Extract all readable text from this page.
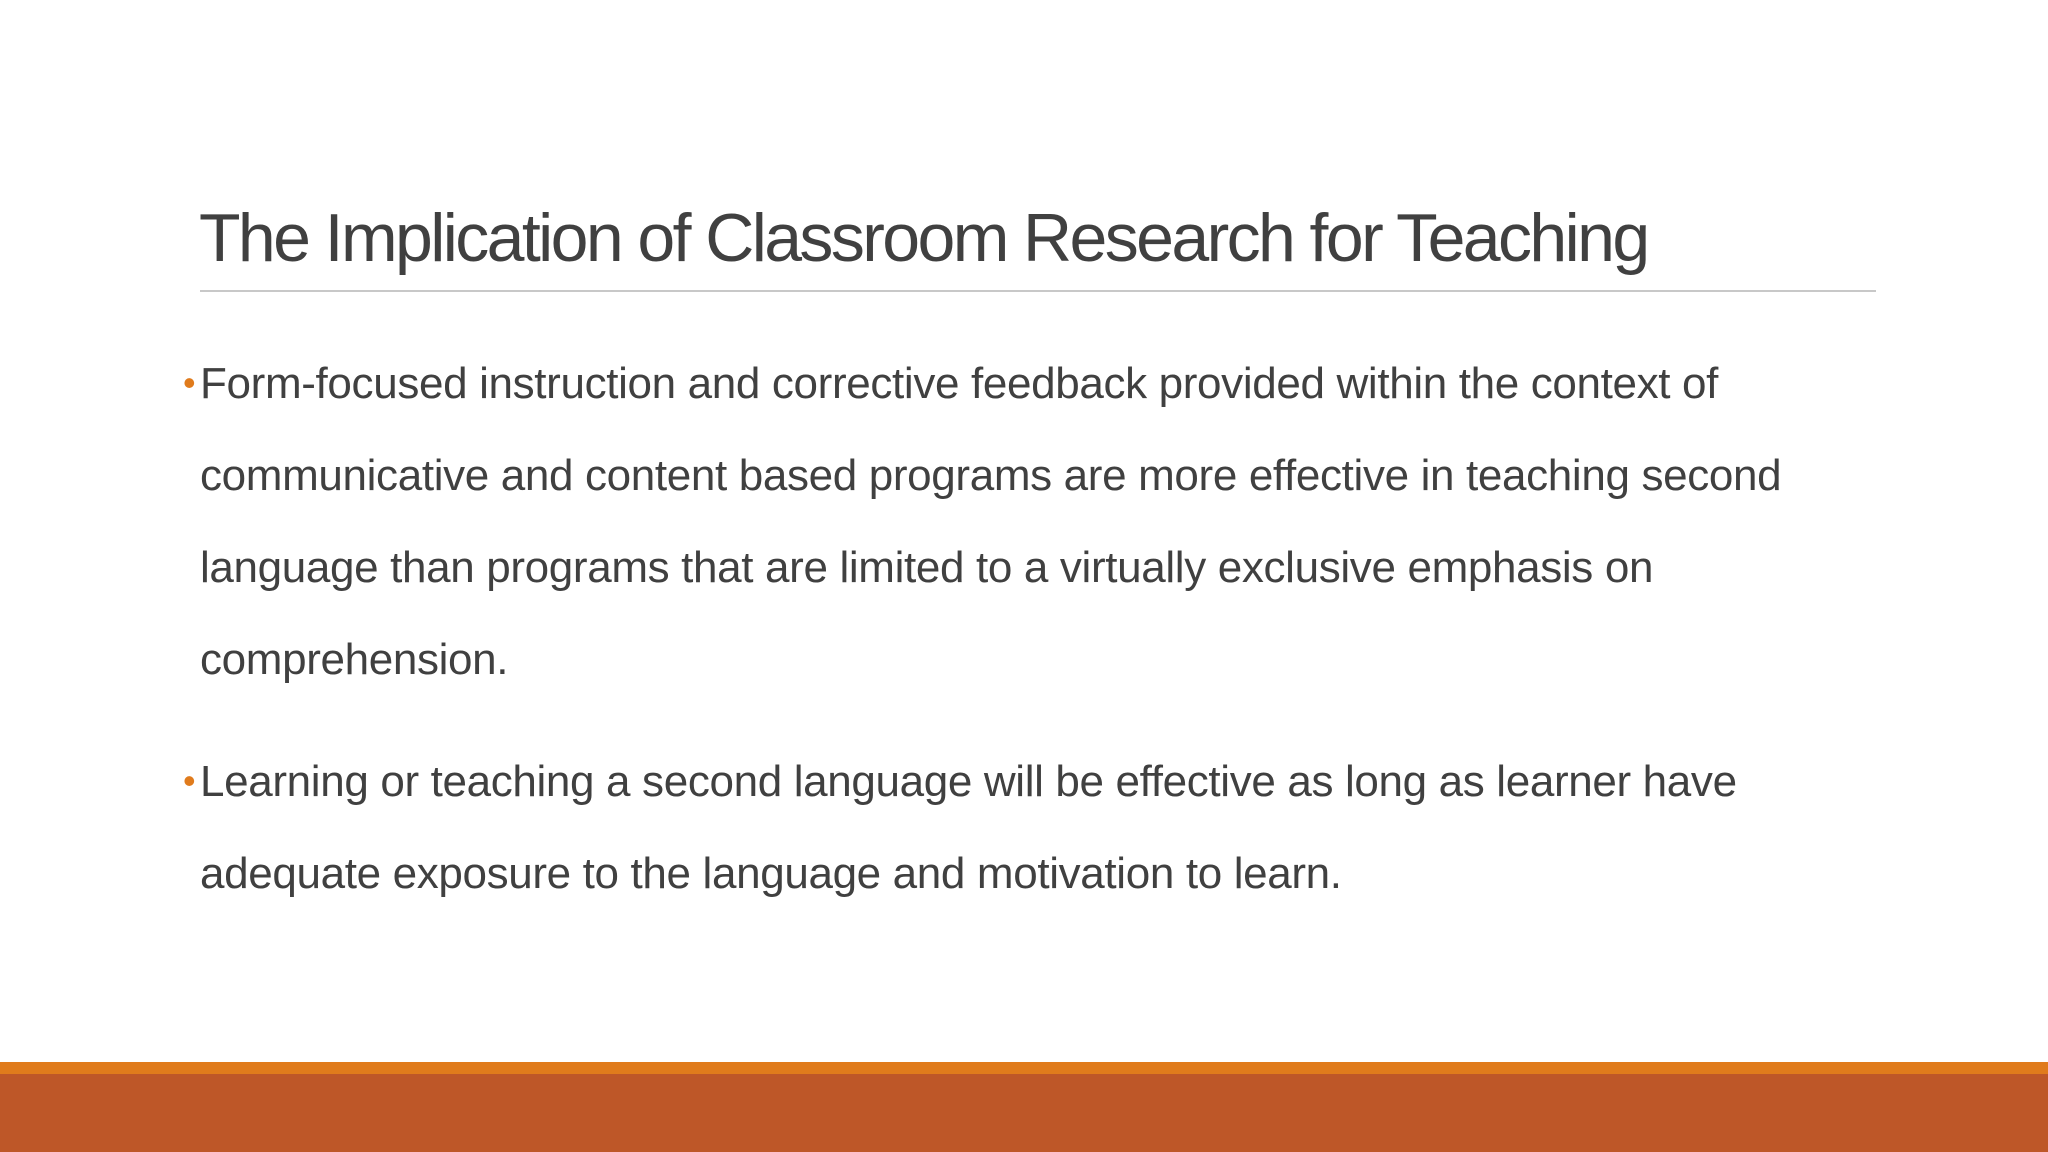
The Implication of Classroom Research for Teaching
• Form-focused instruction and corrective feedback provided within the context of communicative and content based programs are more effective in teaching second language than programs that are limited to a virtually exclusive emphasis on comprehension.
• Learning or teaching a second language will be effective as long as learner have adequate exposure to the language and motivation to learn.
